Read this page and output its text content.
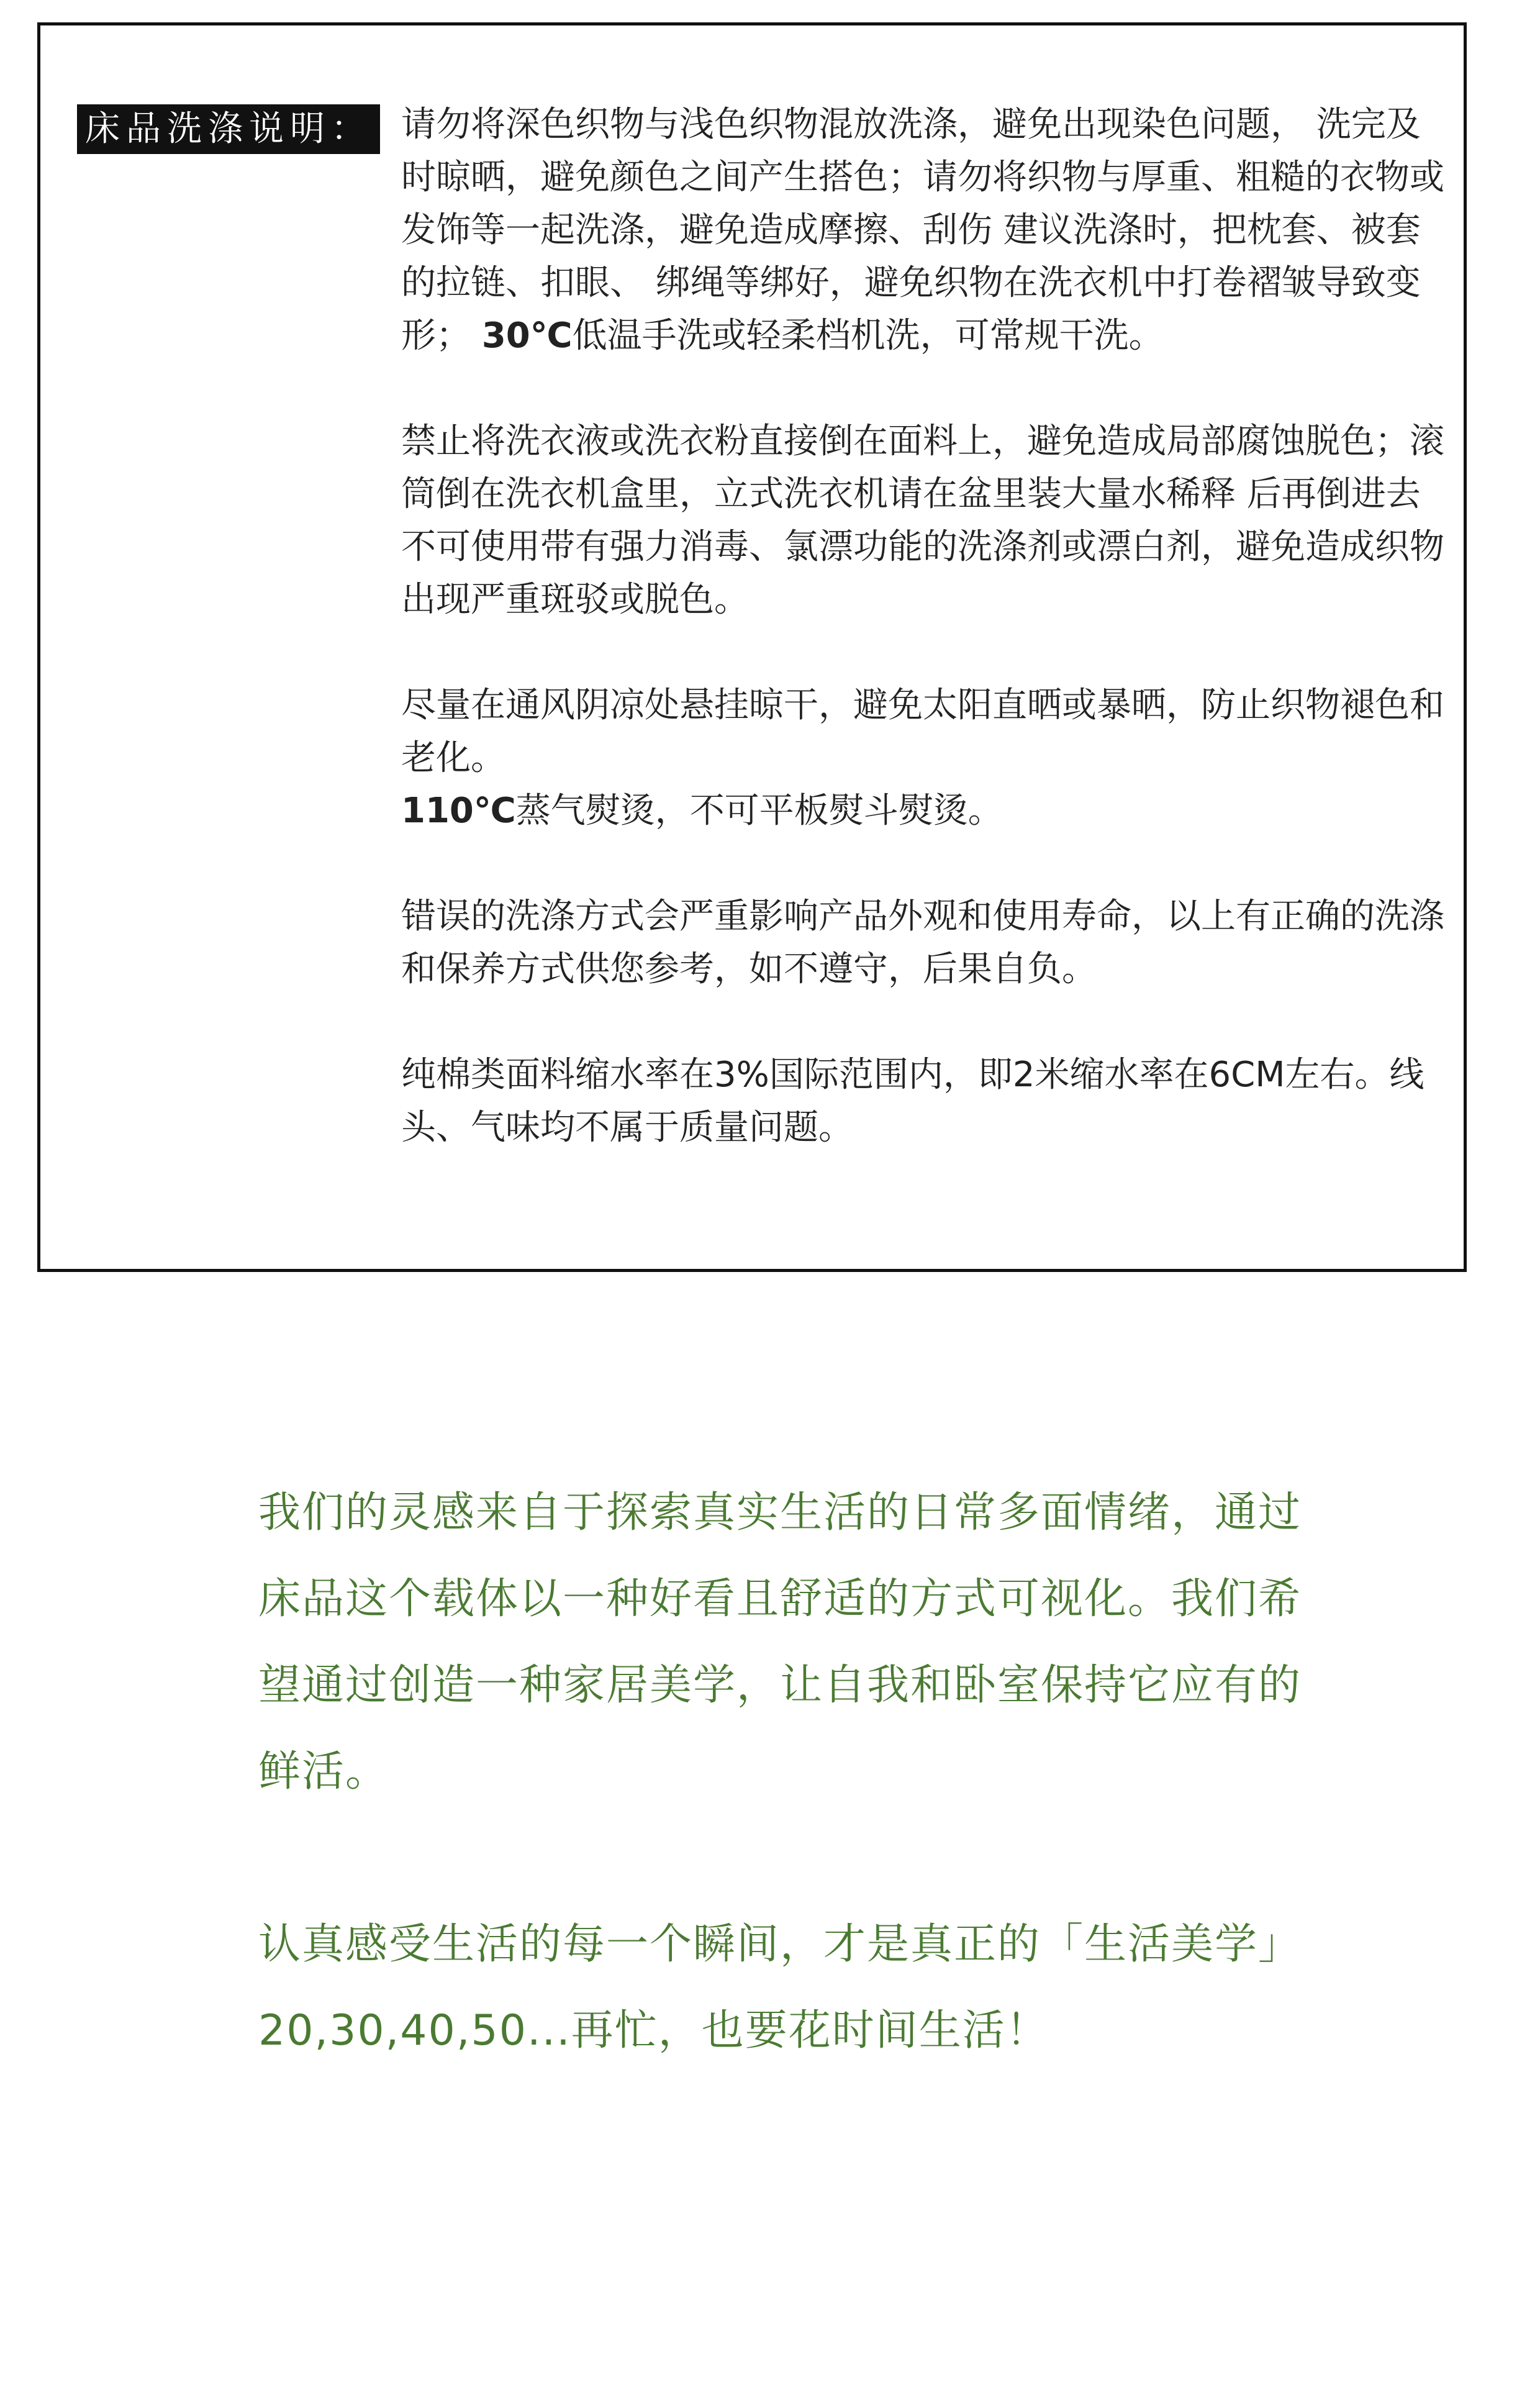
床品洗涤说明： 请勿将深色织物与浅色织物混放洗涤，避免出现染色问题， 洗完及时晾晒，避免颜色之间产生搭色；请勿将织物与厚重、粗糙的衣物或发饰等一起洗涤，避免造成摩擦、刮伤 建议洗涤时，把枕套、被套的拉链、扣眼、 绑绳等绑好，避免织物在洗衣机中打卷褶皱导致变形； 30℃低温手洗或轻柔档机洗，可常规干洗。

禁止将洗衣液或洗衣粉直接倒在面料上，避免造成局部腐蚀脱色；滚筒倒在洗衣机盒里，立式洗衣机请在盆里装大量水稀释 后再倒进去不可使用带有强力消毒、氯漂功能的洗涤剂或漂白剂，避免造成织物出现严重斑驳或脱色。

尽量在通风阴凉处悬挂晾干，避免太阳直晒或暴晒，防止织物褪色和老化。

110℃蒸气熨烫，不可平板熨斗熨烫。

错误的洗涤方式会严重影响产品外观和使用寿命，以上有正确的洗涤和保养方式供您参考，如不遵守，后果自负。

纯棉类面料缩水率在3%国际范围内，即2米缩水率在6CM左右。线头、气味均不属于质量问题。

我们的灵感来自于探索真实生活的日常多面情绪，通过床品这个载体以一种好看且舒适的方式可视化。我们希望通过创造一种家居美学，让自我和卧室保持它应有的鲜活。

认真感受生活的每一个瞬间，才是真正的「生活美学」20,30,40,50...再忙，也要花时间生活！
